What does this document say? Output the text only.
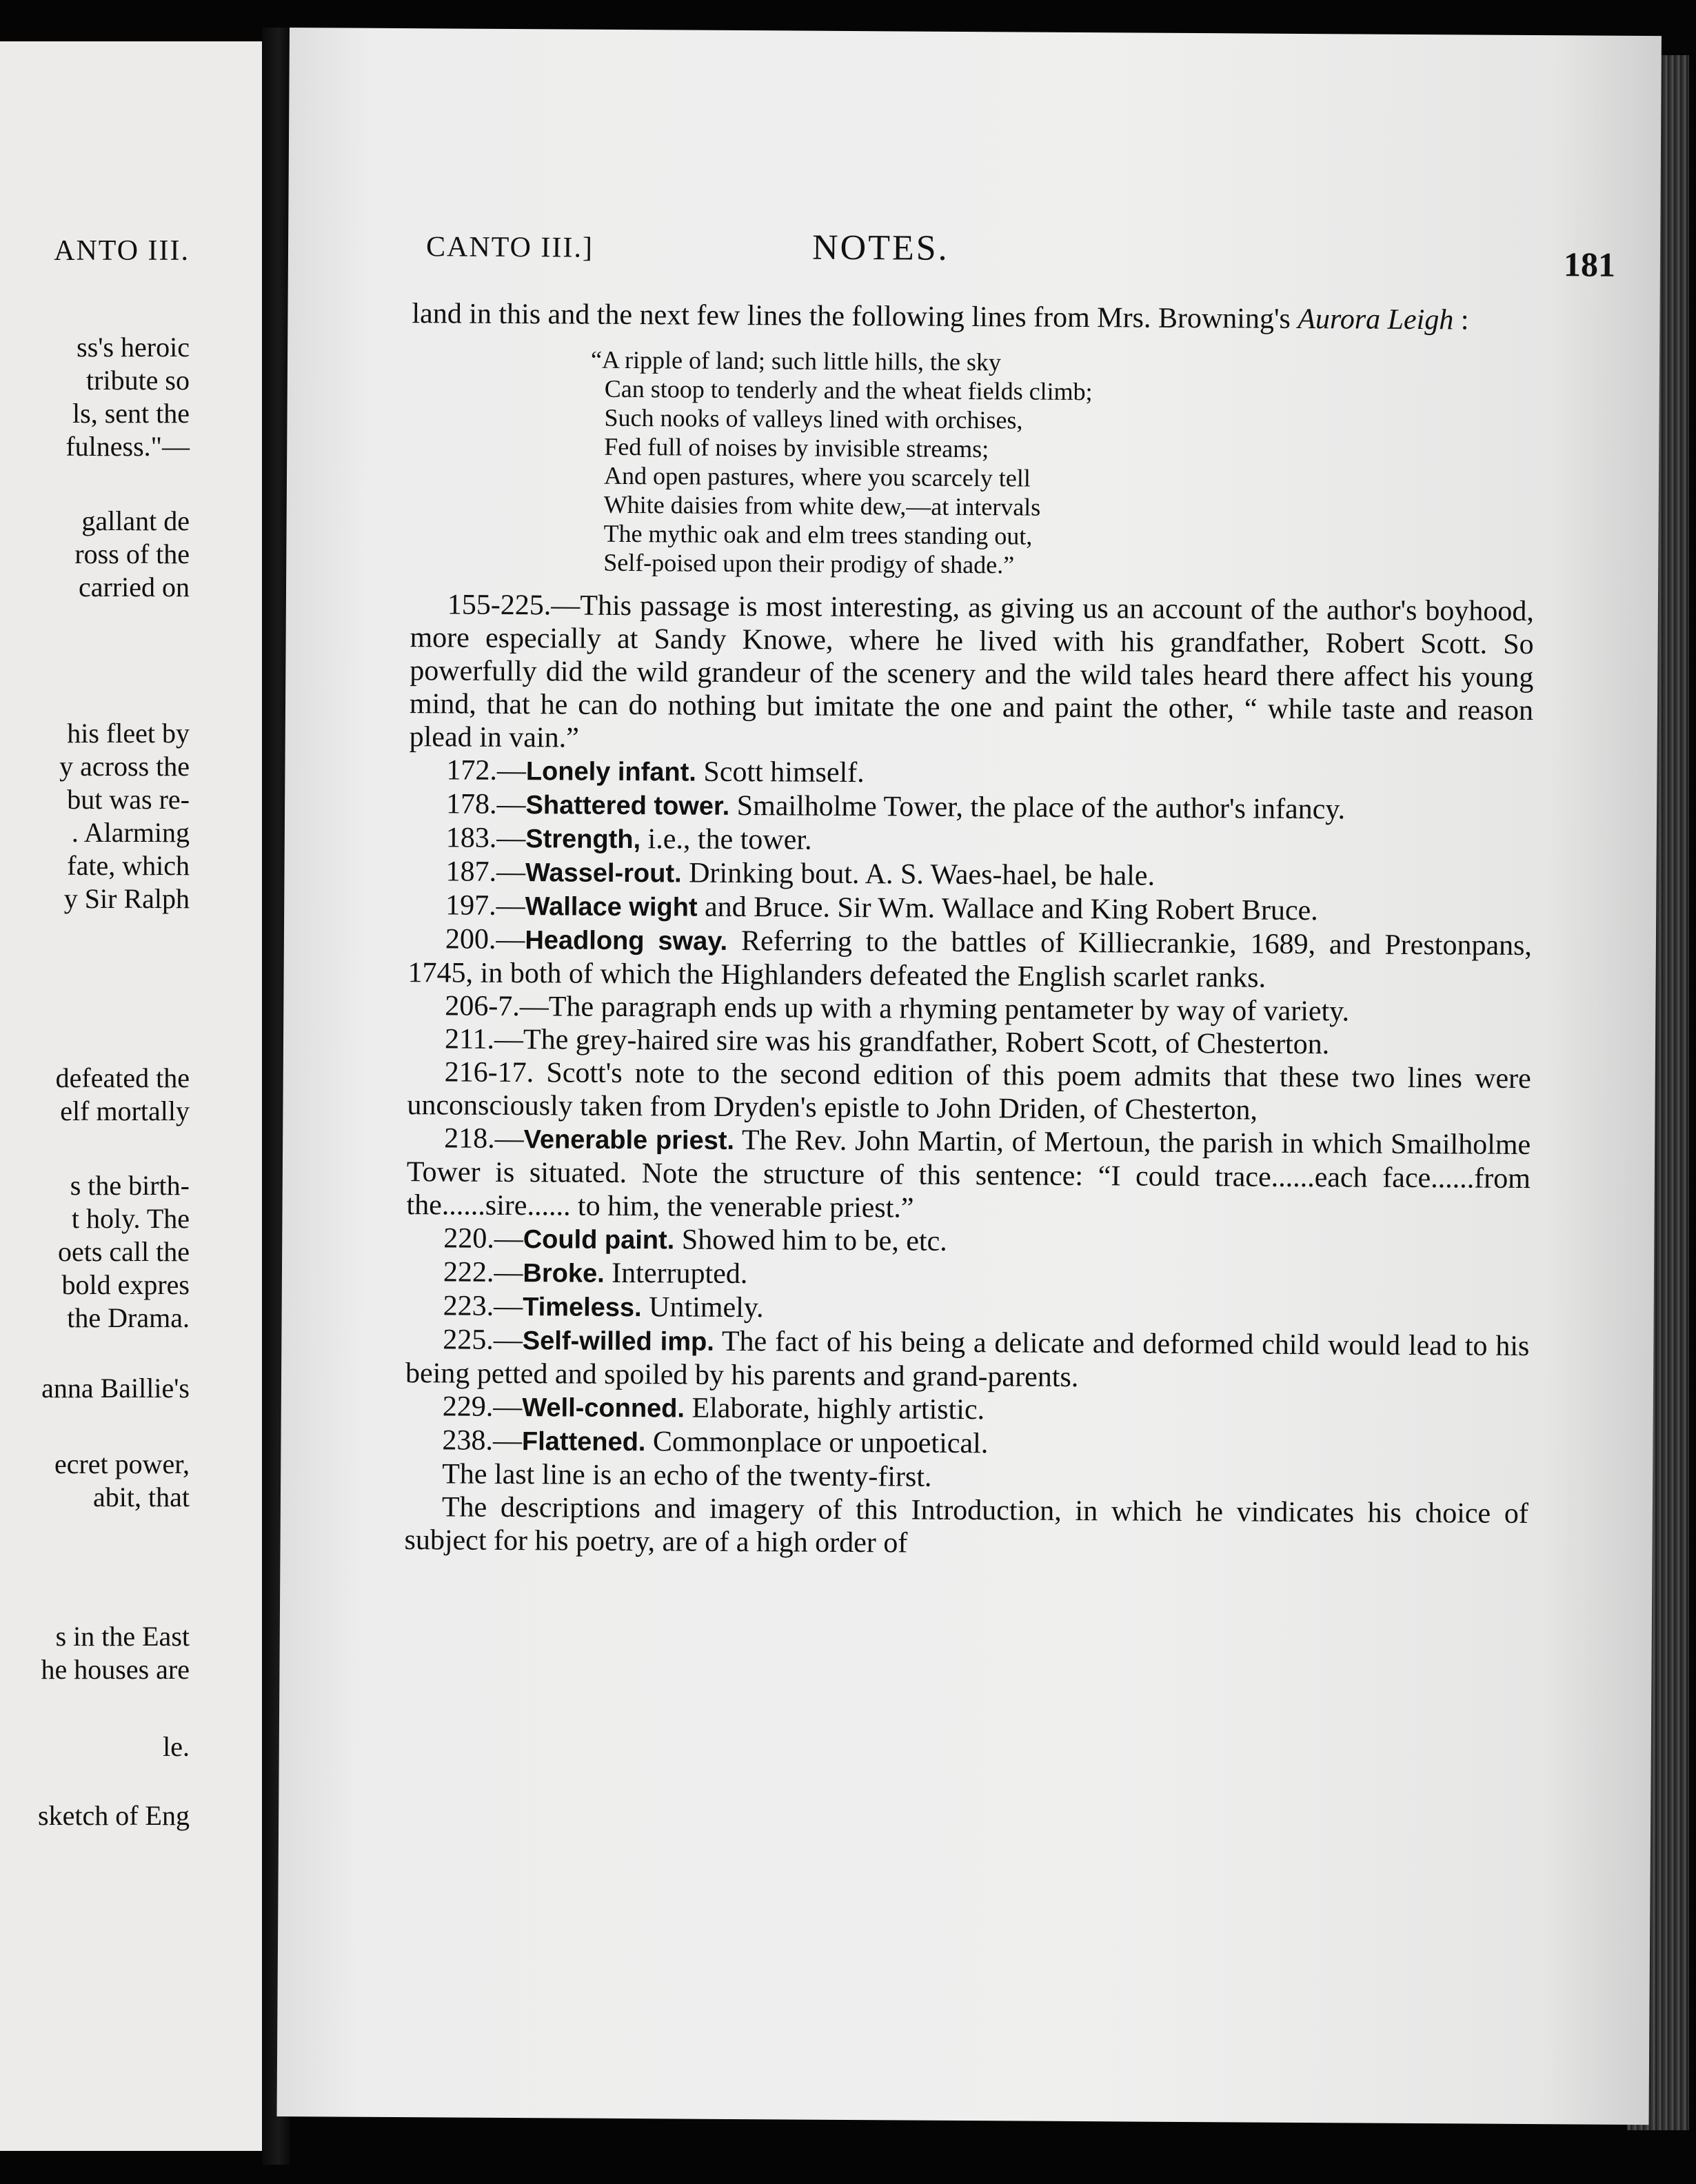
ANTO III.
ss's heroic
tribute so
ls, sent the
fulness."—
gallant de
ross of the
carried on
his fleet by
y across the
but was re-
. Alarming
fate, which
y Sir Ralph
defeated the
elf mortally
s the birth-
t holy. The
oets call the
bold expres
the Drama.
anna Baillie's
ecret power,
abit, that
s in the East
he houses are
le.
sketch of Eng
CANTO III.]	NOTES.	181

land in this and the next few lines the following lines from Mrs. Browning's Aurora Leigh :

“A ripple of land; such little hills, the sky
Can stoop to tenderly and the wheat fields climb;
Such nooks of valleys lined with orchises,
Fed full of noises by invisible streams;
And open pastures, where you scarcely tell
White daisies from white dew,—at intervals
The mythic oak and elm trees standing out,
Self-poised upon their prodigy of shade.”

155-225.—This passage is most interesting, as giving us an account of the author's boyhood, more especially at Sandy Knowe, where he lived with his grandfather, Robert Scott. So powerfully did the wild grandeur of the scenery and the wild tales heard there affect his young mind, that he can do nothing but imitate the one and paint the other, “ while taste and reason plead in vain.”

172.—Lonely infant. Scott himself.

178.—Shattered tower. Smailholme Tower, the place of the author's infancy.

183.—Strength, i.e., the tower.

187.—Wassel-rout. Drinking bout. A. S. Waes-hael, be hale.

197.—Wallace wight and Bruce. Sir Wm. Wallace and King Robert Bruce.

200.—Headlong sway. Referring to the battles of Killiecrankie, 1689, and Prestonpans, 1745, in both of which the Highlanders defeated the English scarlet ranks.

206-7.—The paragraph ends up with a rhyming pentameter by way of variety.

211.—The grey-haired sire was his grandfather, Robert Scott, of Chesterton.

216-17. Scott's note to the second edition of this poem admits that these two lines were unconsciously taken from Dryden's epistle to John Driden, of Chesterton,

218.—Venerable priest. The Rev. John Martin, of Mertoun, the parish in which Smailholme Tower is situated. Note the structure of this sentence: “I could trace......each face......from the......sire...... to him, the venerable priest.”

220.—Could paint. Showed him to be, etc.

222.—Broke. Interrupted.

223.—Timeless. Untimely.

225.—Self-willed imp. The fact of his being a delicate and deformed child would lead to his being petted and spoiled by his parents and grand-parents.

229.—Well-conned. Elaborate, highly artistic.

238.—Flattened. Commonplace or unpoetical.

The last line is an echo of the twenty-first.

The descriptions and imagery of this Introduction, in which he vindicates his choice of subject for his poetry, are of a high order of
